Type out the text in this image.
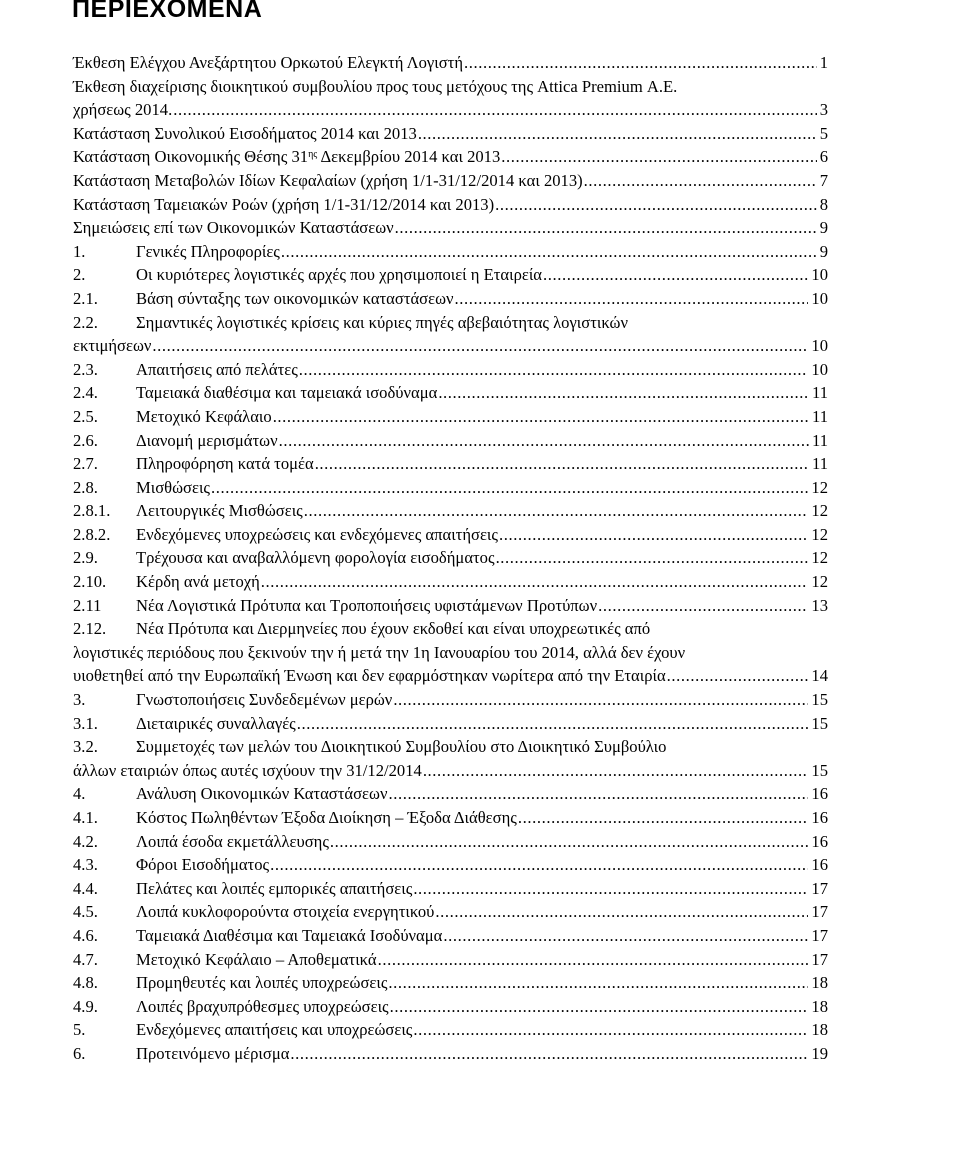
ΠΕΡΙΕΧΟΜΕΝΑ
Έκθεση Ελέγχου Ανεξάρτητου Ορκωτού Ελεγκτή Λογιστή .....	1
Έκθεση διαχείρισης διοικητικού συμβουλίου προς τους μετόχους της Attica Premium Α.Ε.
χρήσεως 2014. .....	3
Κατάσταση Συνολικού Εισοδήματος 2014 και 2013 .....	5
Κατάσταση Οικονομικής Θέσης $31^{\eta\varsigma}$ Δεκεμβρίου 2014 και 2013 .....	6
Κατάσταση Μεταβολών Ιδίων Κεφαλαίων (χρήση 1/1-31/12/2014 και 2013) .....	7
Κατάσταση Ταμειακών Ροών (χρήση 1/1-31/12/2014 και 2013) .....	8
Σημειώσεις επί των Οικονομικών Καταστάσεων .....	9
1.	Γενικές Πληροφορίες .....	9
2.	Οι κυριότερες λογιστικές αρχές που χρησιμοποιεί η Εταιρεία .....	10
2.1.	Βάση σύνταξης των οικονομικών καταστάσεων .....	10
2.2. Σημαντικές λογιστικές κρίσεις και κύριες πηγές αβεβαιότητας λογιστικών
εκτιμήσεων .....	10
2.3.	Απαιτήσεις από πελάτες .....	10
2.4.	Ταμειακά διαθέσιμα και ταμειακά ισοδύναμα .....	11
2.5.	Μετοχικό Κεφάλαιο .....	11
2.6.	Διανομή μερισμάτων .....	11
2.7.	Πληροφόρηση κατά τομέα .....	11
2.8.	Μισθώσεις .....	12
2.8.1.	Λειτουργικές Μισθώσεις .....	12
2.8.2.	Ενδεχόμενες υποχρεώσεις και ενδεχόμενες απαιτήσεις .....	12
2.9.	Τρέχουσα και αναβαλλόμενη φορολογία εισοδήματος .....	12
2.10.	Κέρδη ανά μετοχή .....	12
2.11	Νέα Λογιστικά Πρότυπα και Τροποποιήσεις υφιστάμενων Προτύπων .....	13
2.12. Νέα Πρότυπα και Διερμηνείες που έχουν εκδοθεί και είναι υποχρεωτικές από
λογιστικές περιόδους που ξεκινούν την ή μετά την 1η Ιανουαρίου του 2014, αλλά δεν έχουν
υιοθετηθεί από την Ευρωπαϊκή Ένωση και δεν εφαρμόστηκαν νωρίτερα από την Εταιρία .....	14
3.	Γνωστοποιήσεις Συνδεδεμένων μερών .....	15
3.1.	Διεταιρικές συναλλαγές .....	15
3.2. Συμμετοχές των μελών του Διοικητικού Συμβουλίου στο Διοικητικό Συμβούλιο
άλλων εταιριών όπως αυτές ισχύουν την 31/12/2014 .....	15
4.	Ανάλυση Οικονομικών Καταστάσεων .....	16
4.1.	Κόστος Πωληθέντων Έξοδα Διοίκηση – Έξοδα Διάθεσης .....	16
4.2.	Λοιπά έσοδα εκμετάλλευσης .....	16
4.3.	Φόροι Εισοδήματος .....	16
4.4.	Πελάτες και λοιπές εμπορικές απαιτήσεις .....	17
4.5.	Λοιπά κυκλοφορούντα στοιχεία ενεργητικού .....	17
4.6.	Ταμειακά Διαθέσιμα και Ταμειακά Ισοδύναμα .....	17
4.7.	Μετοχικό Κεφάλαιο – Αποθεματικά .....	17
4.8.	Προμηθευτές και λοιπές υποχρεώσεις .....	18
4.9.	Λοιπές βραχυπρόθεσμες υποχρεώσεις .....	18
5.	Ενδεχόμενες απαιτήσεις και υποχρεώσεις .....	18
6.	Προτεινόμενο μέρισμα .....	19
